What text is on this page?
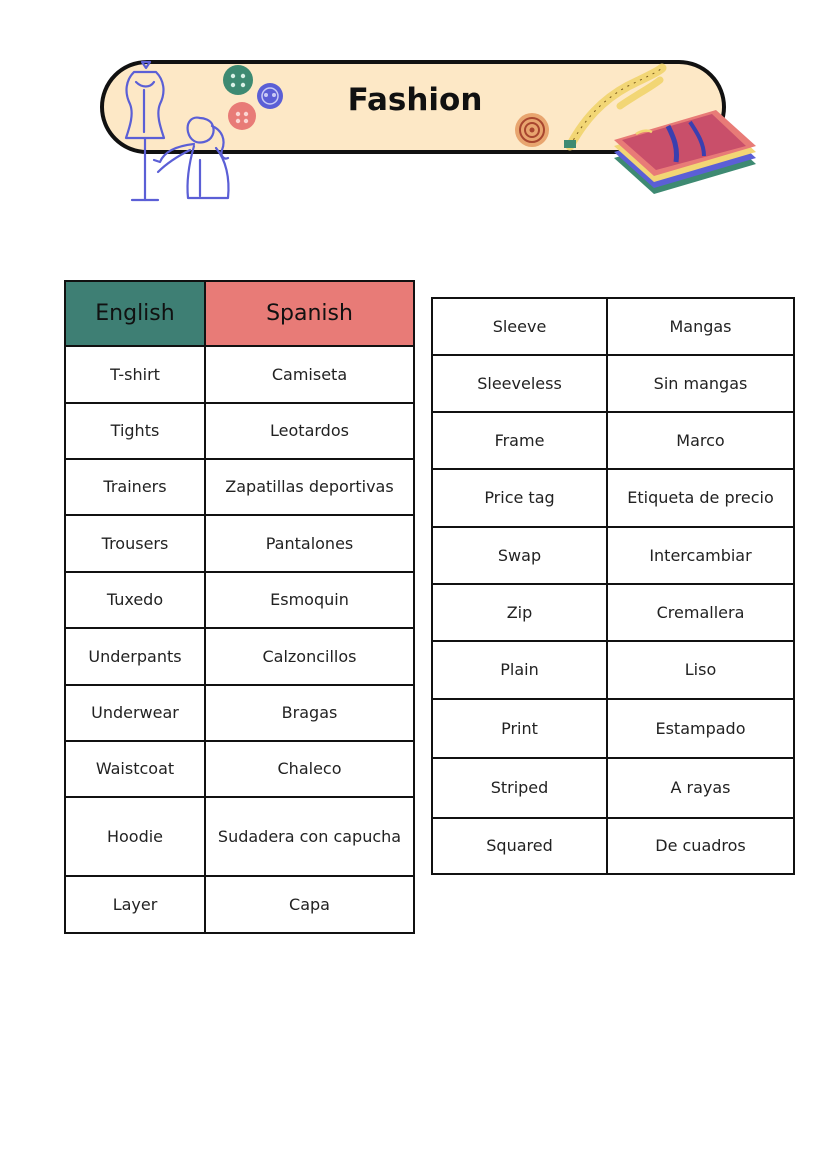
Fashion
English	Spanish
T-shirt	Camiseta
Tights	Leotardos
Trainers	Zapatillas deportivas
Trousers	Pantalones
Tuxedo	Esmoquin
Underpants	Calzoncillos
Underwear	Bragas
Waistcoat	Chaleco
Hoodie	Sudadera con capucha
Layer	Capa
Sleeve	Mangas
Sleeveless	Sin mangas
Frame	Marco
Price tag	Etiqueta de precio
Swap	Intercambiar
Zip	Cremallera
Plain	Liso
Print	Estampado
Striped	A rayas
Squared	De cuadros
